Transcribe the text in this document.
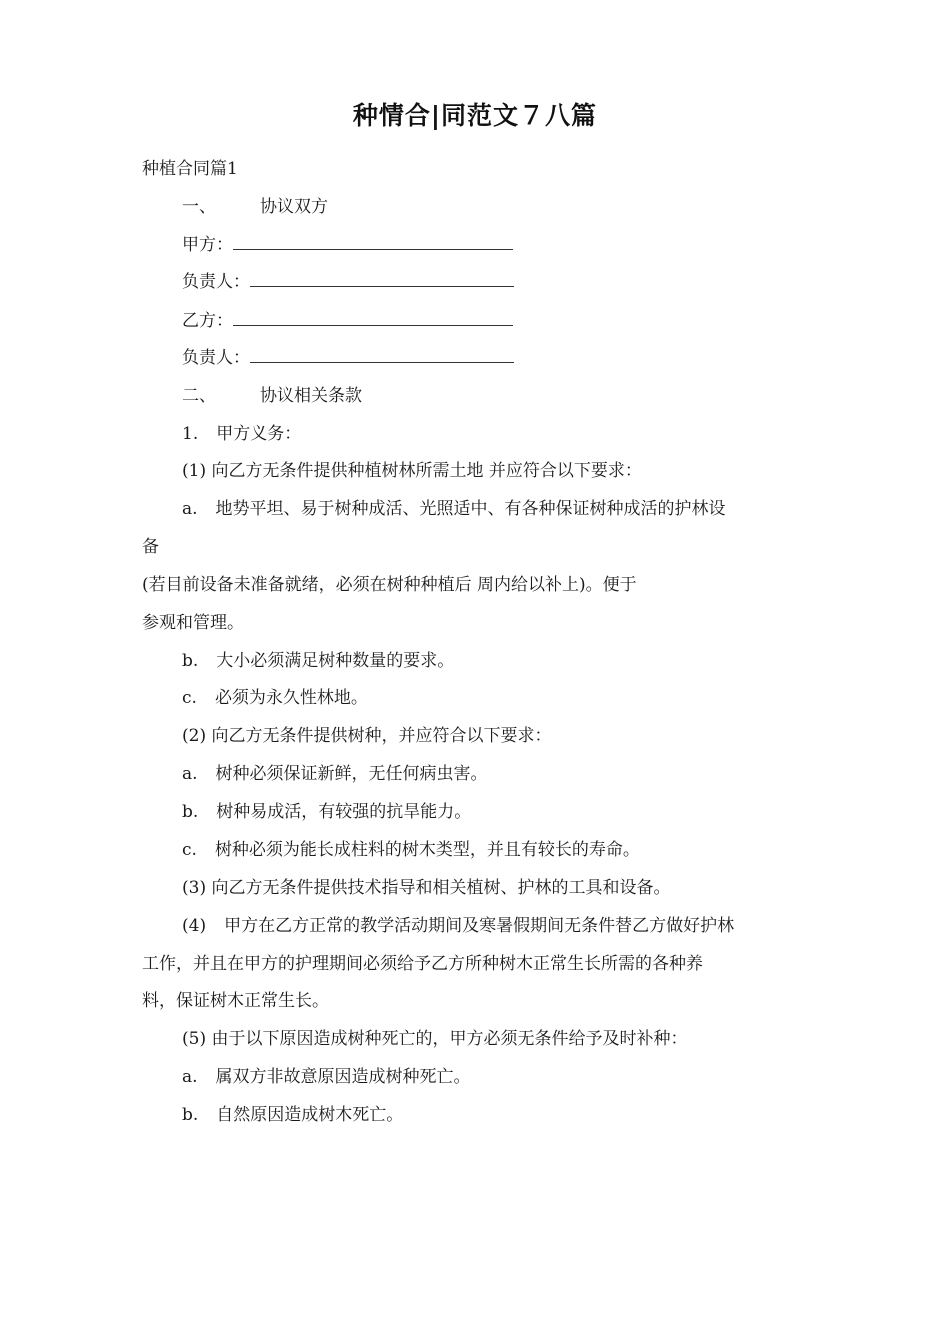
种情合|同范文７八篇
种植合同篇1
一、	协议双方
甲方：
负责人：
乙方：
负责人：
二、	协议相关条款
1. 甲方义务：
(1) 向乙方无条件提供种植树林所需土地 并应符合以下要求：
a. 地势平坦、易于树种成活、光照适中、有各种保证树种成活的护林设
备
(若目前设备未准备就绪，必须在树种种植后 周内给以补上)。便于
参观和管理。
b. 大小必须满足树种数量的要求。
c. 必须为永久性林地。
(2) 向乙方无条件提供树种，并应符合以下要求：
a. 树种必须保证新鲜，无任何病虫害。
b. 树种易成活，有较强的抗旱能力。
c. 树种必须为能长成柱料的树木类型，并且有较长的寿命。
(3) 向乙方无条件提供技术指导和相关植树、护林的工具和设备。
(4) 甲方在乙方正常的教学活动期间及寒暑假期间无条件替乙方做好护林
工作，并且在甲方的护理期间必须给予乙方所种树木正常生长所需的各种养
料，保证树木正常生长。
(5) 由于以下原因造成树种死亡的，甲方必须无条件给予及时补种：
a. 属双方非故意原因造成树种死亡。
b. 自然原因造成树木死亡。
